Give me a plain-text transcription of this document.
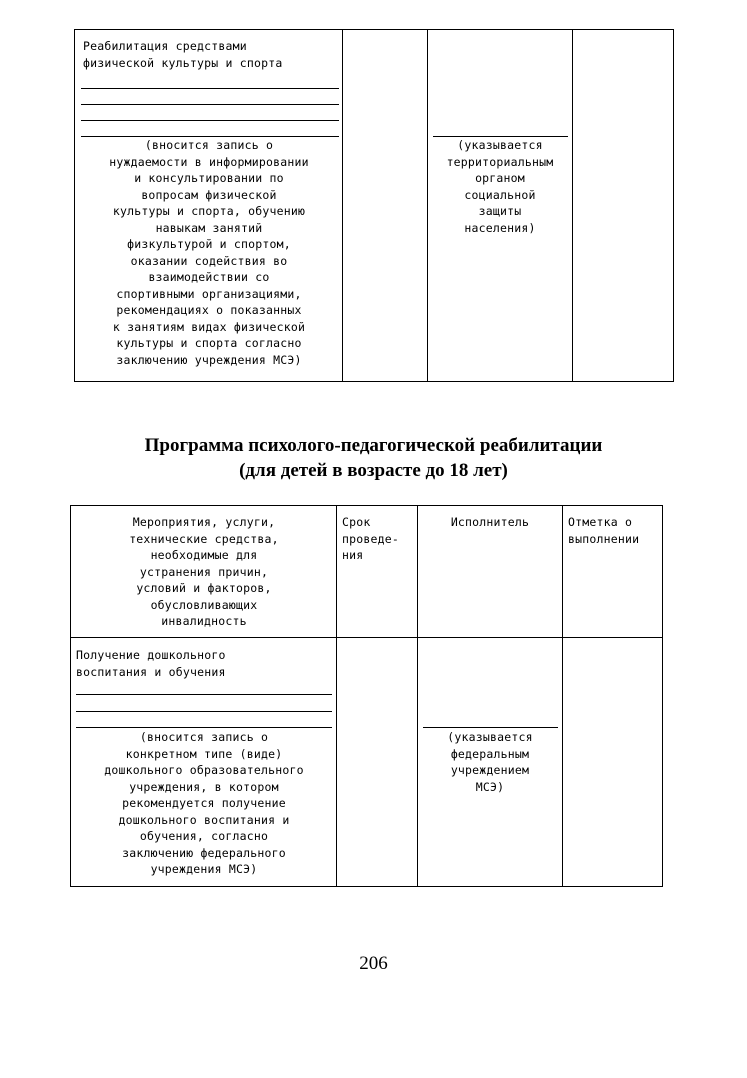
Реабилитация средствами
физической культуры и спорта
(вносится запись о
нуждаемости в информировании
и консультировании по
вопросам физической
культуры и спорта, обучению
навыкам занятий
физкультурой и спортом,
оказании содействия во
взаимодействии со
спортивными организациями,
рекомендациях о показанных
к занятиям видах физической
культуры и спорта согласно
заключению учреждения МСЭ)
(указывается
территориальным
органом
социальной
защиты
населения)
Программа психолого-педагогической реабилитации
(для детей в возрасте до 18 лет)
Мероприятия, услуги,
технические средства,
необходимые для
устранения причин,
условий и факторов,
обусловливающих
инвалидность
Срок
проведе-
ния
Исполнитель	Отметка о
выполнении
Получение дошкольного
воспитания и обучения
(вносится запись о
конкретном типе (виде)
дошкольного образовательного
учреждения, в котором
рекомендуется получение
дошкольного воспитания и
обучения, согласно
заключению федерального
учреждения МСЭ)
(указывается
федеральным
учреждением
МСЭ)
206
